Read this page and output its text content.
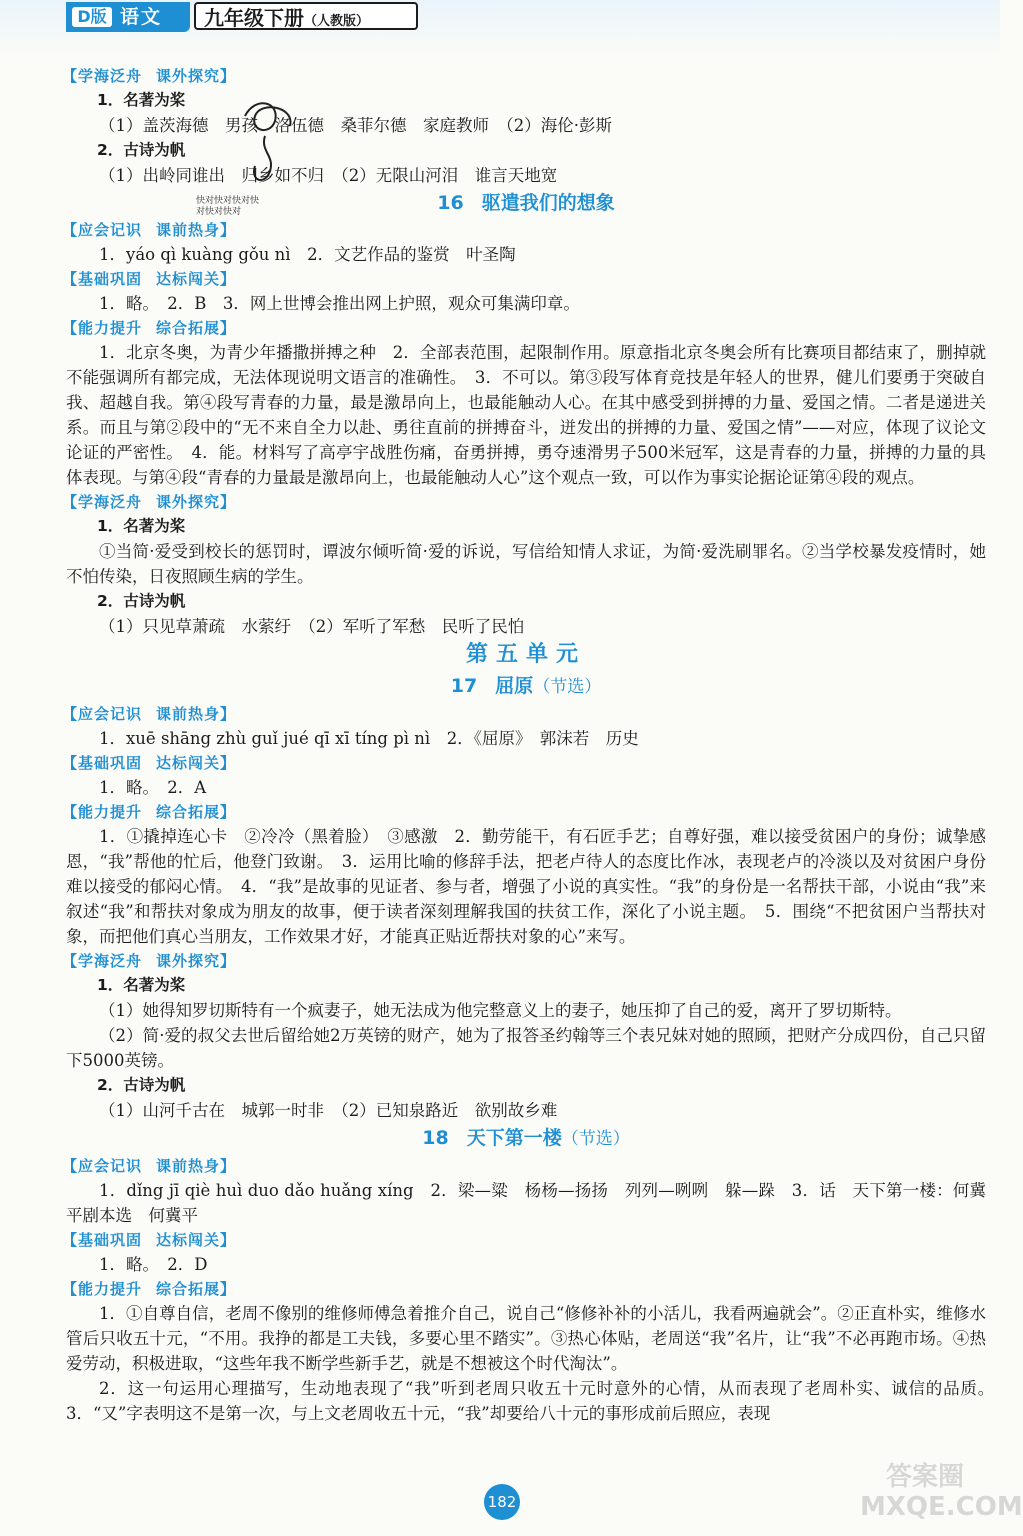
D版 语文	九年级下册（人教版）
快对快对快对快对快对快对
【学海泛舟 课外探究】
1．名著为桨
（1）盖茨海德　男孩　洛伍德　桑菲尔德　家庭教师　（2）海伦·彭斯
2．古诗为帆
（1）出岭同谁出　归乡如不归　（2）无限山河泪　谁言天地宽
16 驱遣我们的想象
【应会记识 课前热身】
1．yáo qì kuàng gǒu nì　2．文艺作品的鉴赏　叶圣陶
【基础巩固 达标闯关】
1．略。　2．B　3．网上世博会推出网上护照，观众可集满印章。
【能力提升 综合拓展】
1．北京冬奥，为青少年播撒拼搏之种　2．全部表范围，起限制作用。原意指北京冬奥会所有比赛项目都结束了，删掉就不能强调所有都完成，无法体现说明文语言的准确性。　3．不可以。第③段写体育竞技是年轻人的世界，健儿们要勇于突破自我、超越自我。第④段写青春的力量，最是激昂向上，也最能触动人心。在其中感受到拼搏的力量、爱国之情。二者是递进关系。而且与第②段中的“无不来自全力以赴、勇往直前的拼搏奋斗，迸发出的拼搏的力量、爱国之情”——对应，体现了议论文论证的严密性。　4．能。材料写了高亭宇战胜伤痛，奋勇拼搏，勇夺速滑男子500米冠军，这是青春的力量，拼搏的力量的具体表现。与第④段“青春的力量最是激昂向上，也最能触动人心”这个观点一致，可以作为事实论据论证第④段的观点。
【学海泛舟 课外探究】
1．名著为桨
①当简·爱受到校长的惩罚时，谭波尔倾听简·爱的诉说，写信给知情人求证，为简·爱洗刷罪名。②当学校暴发疫情时，她不怕传染，日夜照顾生病的学生。
2．古诗为帆
（1）只见草萧疏　水萦纡　（2）军听了军愁　民听了民怕
第五单元
17 屈原（节选）
【应会记识 课前热身】
1．xuē shāng zhù guǐ jué qī xī tíng pì nì　2．《屈原》　郭沫若　历史
【基础巩固 达标闯关】
1．略。　2．A
【能力提升 综合拓展】
1．①撬掉连心卡　②冷冷（黑着脸）　③感激　2．勤劳能干，有石匠手艺；自尊好强，难以接受贫困户的身份；诚挚感恩，“我”帮他的忙后，他登门致谢。　3．运用比喻的修辞手法，把老卢待人的态度比作冰，表现老卢的冷淡以及对贫困户身份难以接受的郁闷心情。　4．“我”是故事的见证者、参与者，增强了小说的真实性。“我”的身份是一名帮扶干部，小说由“我”来叙述“我”和帮扶对象成为朋友的故事，便于读者深刻理解我国的扶贫工作，深化了小说主题。　5．围绕“不把贫困户当帮扶对象，而把他们真心当朋友，工作效果才好，才能真正贴近帮扶对象的心”来写。
【学海泛舟 课外探究】
1．名著为桨
（1）她得知罗切斯特有一个疯妻子，她无法成为他完整意义上的妻子，她压抑了自己的爱，离开了罗切斯特。
（2）简·爱的叔父去世后留给她2万英镑的财产，她为了报答圣约翰等三个表兄妹对她的照顾，把财产分成四份，自己只留下5000英镑。
2．古诗为帆
（1）山河千古在　城郭一时非　（2）已知泉路近　欲别故乡难
18 天下第一楼（节选）
【应会记识 课前热身】
1．dǐng jī qiè huì duo dǎo huǎng xíng　2．梁—粱　杨杨—扬扬　列列—咧咧　躲—跺　3．话　天下第一楼：何冀平剧本选　何冀平
【基础巩固 达标闯关】
1．略。　2．D
【能力提升 综合拓展】
1．①自尊自信，老周不像别的维修师傅急着推介自己，说自己“修修补补的小活儿，我看两遍就会”。②正直朴实，维修水管后只收五十元，“不用。我挣的都是工夫钱，多要心里不踏实”。③热心体贴，老周送“我”名片，让“我”不必再跑市场。④热爱劳动，积极进取，“这些年我不断学些新手艺，就是不想被这个时代淘汰”。
2．这一句运用心理描写，生动地表现了“我”听到老周只收五十元时意外的心情，从而表现了老周朴实、诚信的品质。　3．“又”字表明这不是第一次，与上文老周收五十元，“我”却要给八十元的事形成前后照应，表现
182
答案圈 MXQE.COM
